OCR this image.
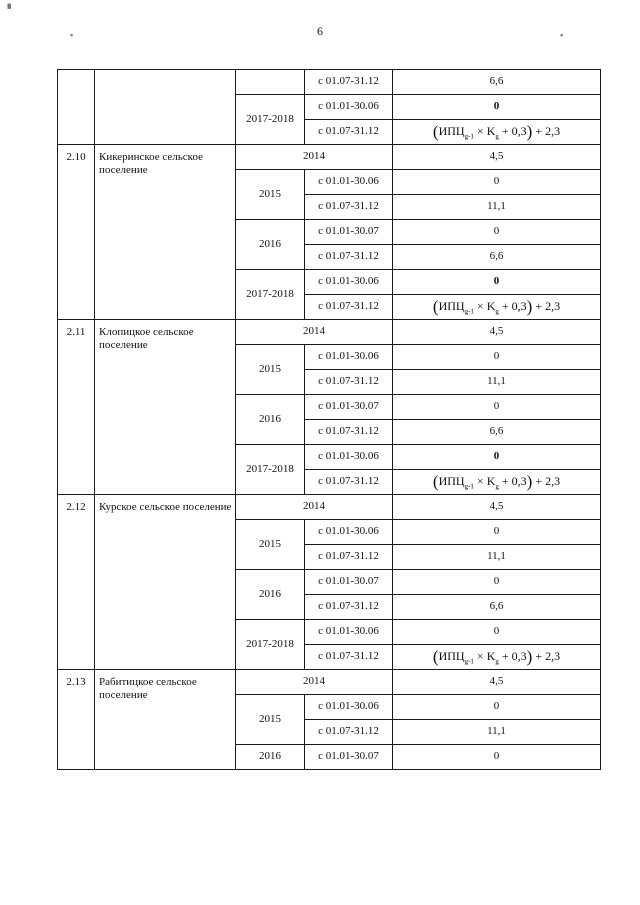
6
▝
▪	▪
			с 01.07-31.12	6,6
		2017-2018	с 01.01-30.06	0
			с 01.07-31.12	$(ИПЦ_{g-1} \times K_g + 0,3) + 2,3$
2.10	Кикеринское сельское поселение	2014		4,5
		2015	с 01.01-30.06	0
			с 01.07-31.12	11,1
		2016	с 01.01-30.07	0
			с 01.07-31.12	6,6
		2017-2018	с 01.01-30.06	0
			с 01.07-31.12	$(ИПЦ_{g-1} \times K_g + 0,3) + 2,3$
2.11	Клопицкое сельское поселение	2014		4,5
		2015	с 01.01-30.06	0
			с 01.07-31.12	11,1
		2016	с 01.01-30.07	0
			с 01.07-31.12	6,6
		2017-2018	с 01.01-30.06	0
			с 01.07-31.12	$(ИПЦ_{g-1} \times K_g + 0,3) + 2,3$
2.12	Курское сельское поселение	2014		4,5
		2015	с 01.01-30.06	0
			с 01.07-31.12	11,1
		2016	с 01.01-30.07	0
			с 01.07-31.12	6,6
		2017-2018	с 01.01-30.06	0
			с 01.07-31.12	$(ИПЦ_{g-1} \times K_g + 0,3) + 2,3$
2.13	Рабитицкое сельское поселение	2014		4,5
		2015	с 01.01-30.06	0
			с 01.07-31.12	11,1
		2016	с 01.01-30.07	0
